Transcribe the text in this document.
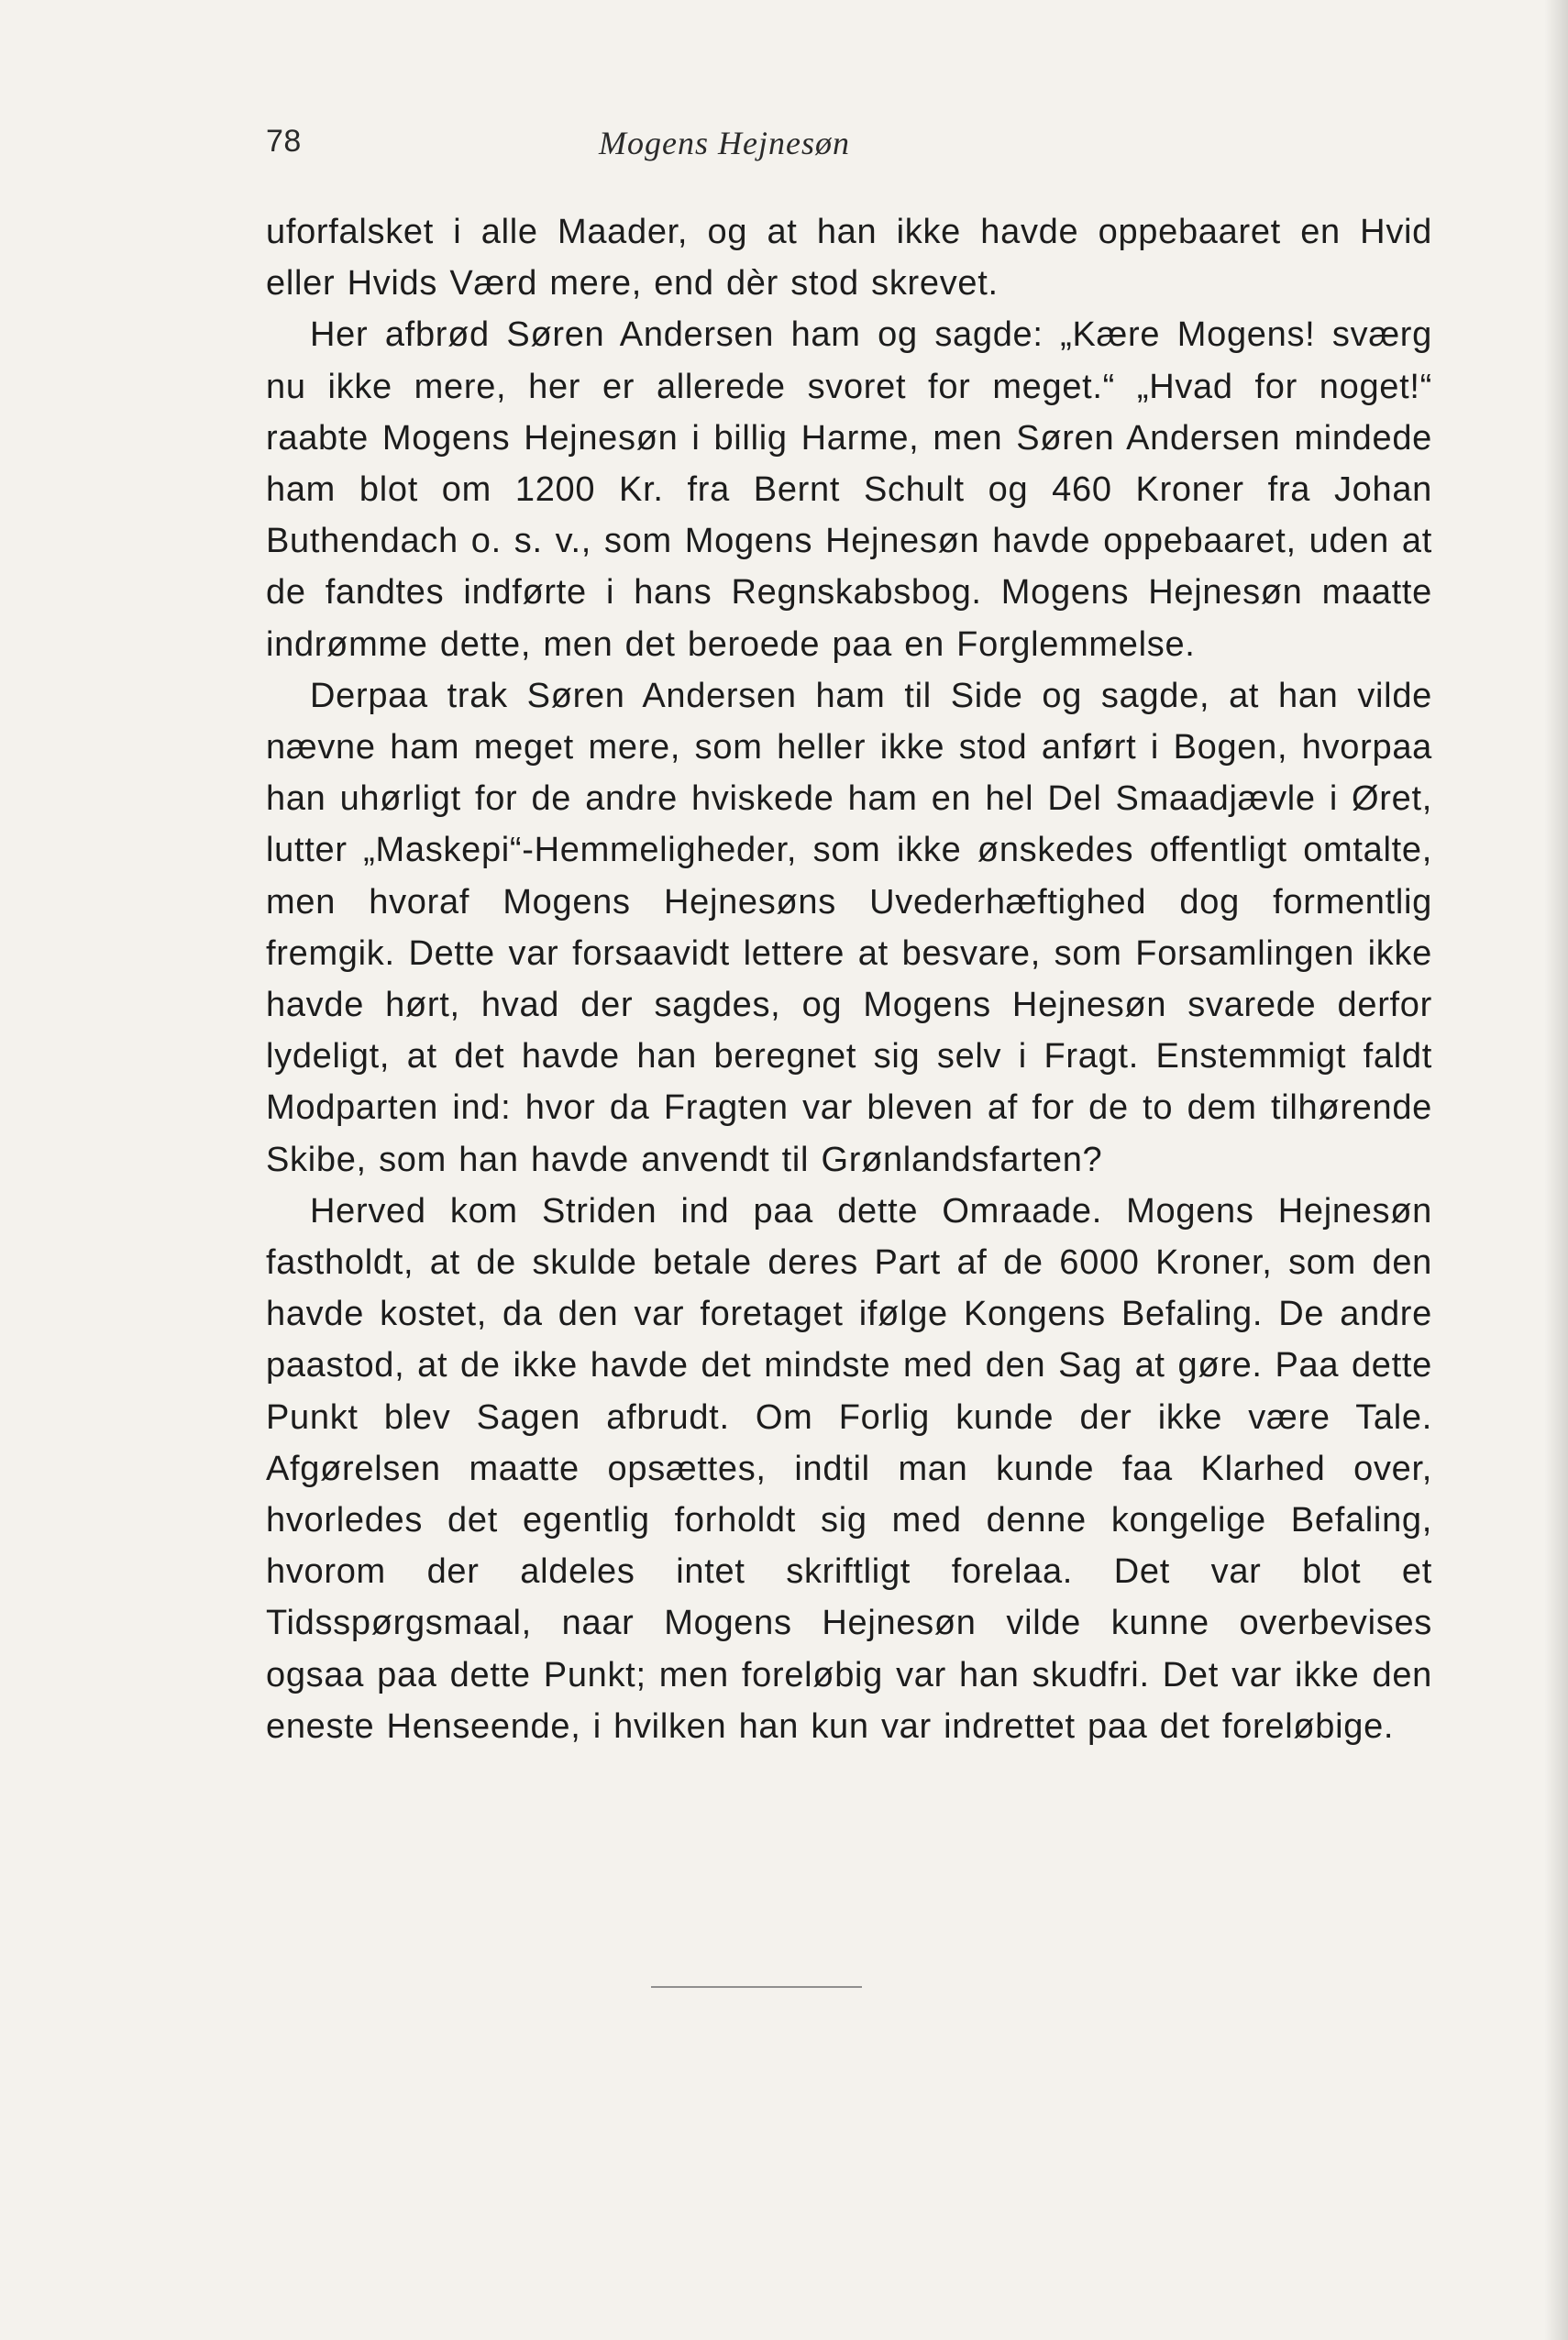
78	Mogens Hejnesøn

uforfalsket i alle Maader, og at han ikke havde oppebaaret en Hvid eller Hvids Værd mere, end dèr stod skrevet.

Her afbrød Søren Andersen ham og sagde: „Kære Mogens! sværg nu ikke mere, her er allerede svoret for meget.“ „Hvad for noget!“ raabte Mogens Hejnesøn i billig Harme, men Søren Andersen mindede ham blot om 1200 Kr. fra Bernt Schult og 460 Kroner fra Johan Buthendach o. s. v., som Mogens Hejnesøn havde oppebaaret, uden at de fandtes indførte i hans Regnskabsbog. Mogens Hejnesøn maatte indrømme dette, men det beroede paa en Forglemmelse.

Derpaa trak Søren Andersen ham til Side og sagde, at han vilde nævne ham meget mere, som heller ikke stod anført i Bogen, hvorpaa han uhørligt for de andre hviskede ham en hel Del Smaadjævle i Øret, lutter „Maskepi“-Hemmeligheder, som ikke ønskedes offentligt omtalte, men hvoraf Mogens Hejnesøns Uvederhæftighed dog formentlig fremgik. Dette var forsaavidt lettere at besvare, som Forsamlingen ikke havde hørt, hvad der sagdes, og Mogens Hejnesøn svarede derfor lydeligt, at det havde han beregnet sig selv i Fragt. Enstemmigt faldt Modparten ind: hvor da Fragten var bleven af for de to dem tilhørende Skibe, som han havde anvendt til Grønlandsfarten?

Herved kom Striden ind paa dette Omraade. Mogens Hejnesøn fastholdt, at de skulde betale deres Part af de 6000 Kroner, som den havde kostet, da den var foretaget ifølge Kongens Befaling. De andre paastod, at de ikke havde det mindste med den Sag at gøre. Paa dette Punkt blev Sagen afbrudt. Om Forlig kunde der ikke være Tale. Afgørelsen maatte opsættes, indtil man kunde faa Klarhed over, hvorledes det egentlig forholdt sig med denne kongelige Befaling, hvorom der aldeles intet skriftligt forelaa. Det var blot et Tidsspørgsmaal, naar Mogens Hejnesøn vilde kunne overbevises ogsaa paa dette Punkt; men foreløbig var han skudfri. Det var ikke den eneste Henseende, i hvilken han kun var indrettet paa det foreløbige.
